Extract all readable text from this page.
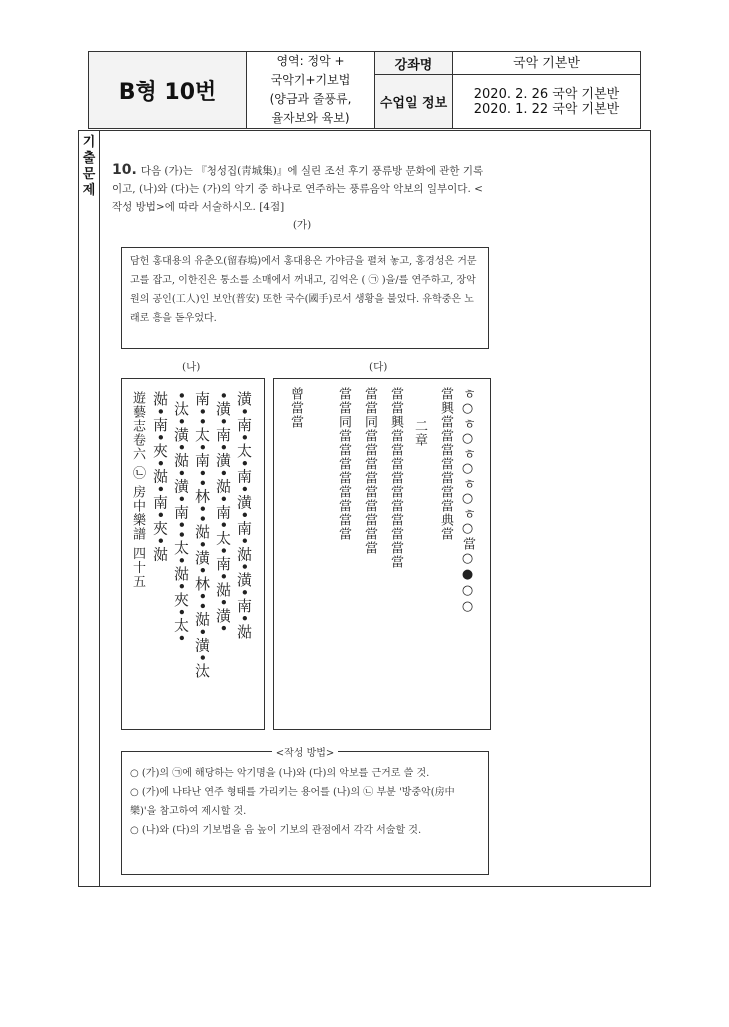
B형 10번	영역: 정악 +
국악기+기보법
(양금과 줄풍류,
율자보와 육보)	강좌명	국악 기본반
		수업일 정보	2020. 2. 26 국악 기본반
2020. 1. 22 국악 기본반
기
출
문
제
10. 다음 (가)는 『청성집(靑城集)』에 실린 조선 후기 풍류방 문화에 관한 기록이고, (나)와 (다)는 (가)의 악기 중 하나로 연주하는 풍류음악 악보의 일부이다. <작성 방법>에 따라 서술하시오. [4점]
(가)
담헌 홍대용의 유춘오(留春塢)에서 홍대용은 가야금을 펼쳐 놓고, 홍경성은 거문고를 잡고, 이한진은 통소를 소매에서 꺼내고, 김억은 ( ㉠ )을/를 연주하고, 장악원의 공인(工人)인 보안(普安) 또한 국수(國手)로서 생황을 불었다. 유학중은 노래로 흥을 돋우었다.
(나)	(다)
潢•南•太•南•潢•南•㴌•潢•南•㴌
•潢•南•潢•㴌•南•太•南•㴌•潢•
南••太•南••林••㴌•潢•林••㴌•潢•汰
•汰•潢•㴌•潢•南••太•㴌•夾•太•
㴌•南•夾•㴌•南•夾•㴌
遊藝志卷六 ㉡ 房中樂譜 四十五	ㅎ○ㅎ○ㅎ○ㅎ○ㅎ○當○●○○
當興當當當當當當當典當
二章
當當興當當當當當當當當當當
當當同當當當當當當當當當
當當同當當當當當當當當
曾當當
<작성 방법>
○ (가)의 ㉠에 해당하는 악기명을 (나)와 (다)의 악보를 근거로 쓸 것.
○ (가)에 나타난 연주 형태를 가리키는 용어를 (나)의 ㉡ 부분 '방중악(房中樂)'을 참고하여 제시할 것.
○ (나)와 (다)의 기보법을 음 높이 기보의 관점에서 각각 서술할 것.
